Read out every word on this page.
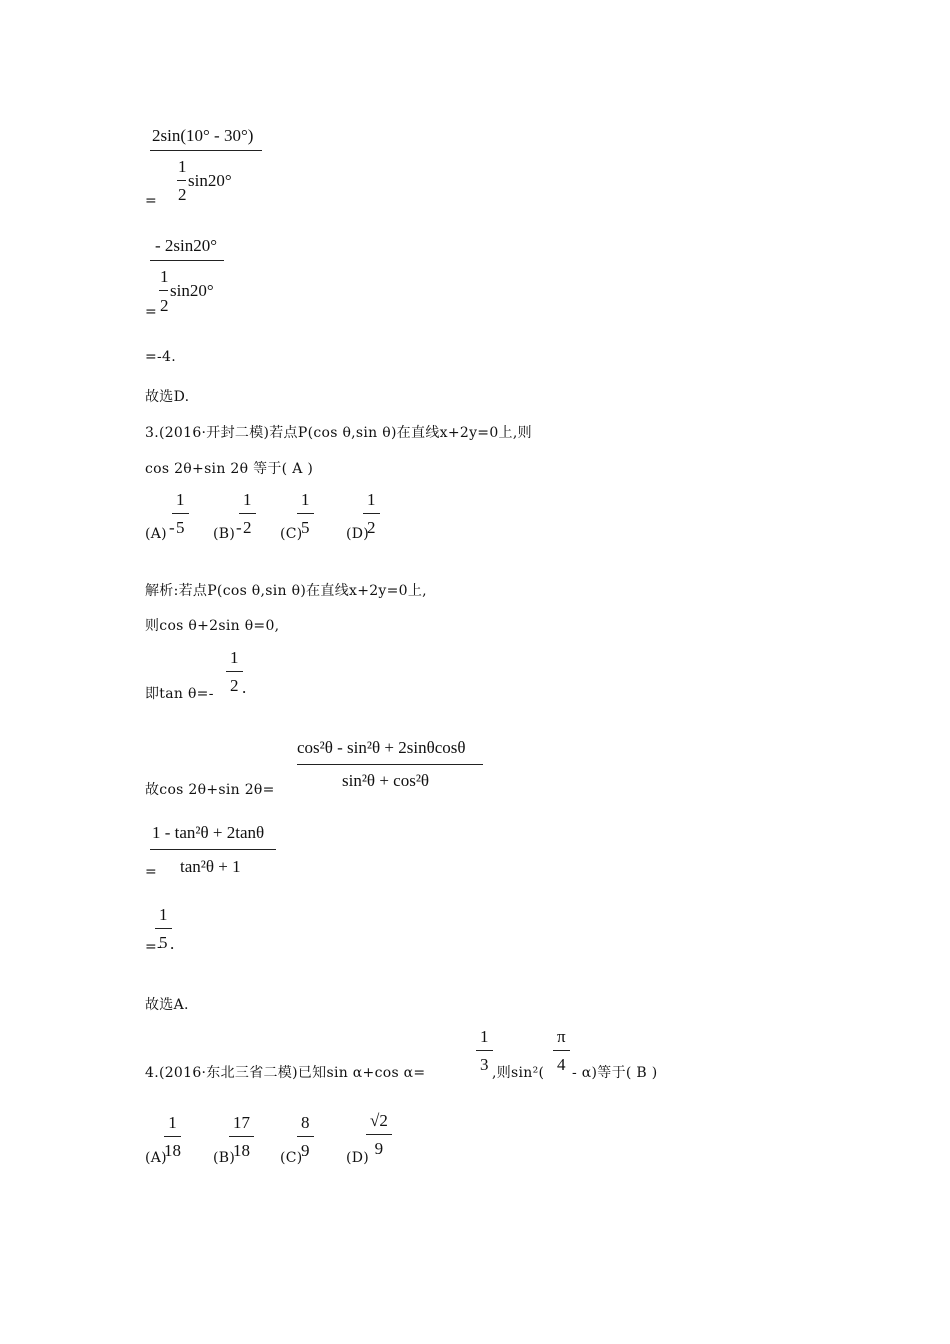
2sin(10° - 30°)
1
sin20°
2
=
- 2sin20°
1
sin20°
2
=
=-4.
故选D.
3.(2016·开封二模)若点P(cos θ,sin θ)在直线x+2y=0上,则
cos 2θ+sin 2θ 等于( A )
(A) -
$\frac{1}{5} (B)$ -
$\frac{1}{2} (C)$
$\frac{1}{5} (D)$
$\frac{1}{2}$
解析:若点P(cos θ,sin θ)在直线x+2y=0上,
则cos θ+2sin θ=0,
即$\tan \theta=- \frac{1}{2}$ .
故cos 2θ+sin 2θ=
cos²θ - sin²θ + 2sinθcosθ
sin²θ + cos²θ
1 - tan²θ + 2tanθ
tan²θ + 1
=
=-
$\frac{1}{5}$
.
故选A.
4.(2016·东北三省二模)已知sin α+cos α=	$\frac{1}{3}$ ,则$\sin^2( \frac{\pi}{4} - \alpha)$等于( B )
(A)
$\frac{1}{18} (B)$
$\frac{17}{18} (C)$
$\frac{8}{9} (D)$
$\frac{√2}{9}$
